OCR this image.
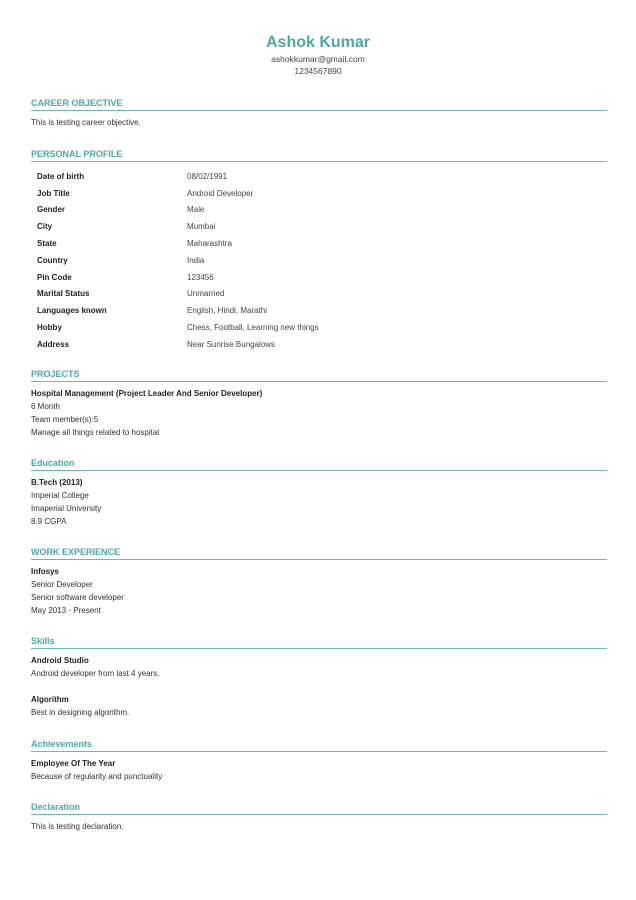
Ashok Kumar
ashokkumar@gmail.com
1234567890
CAREER OBJECTIVE
This is testing career objective.
PERSONAL PROFILE
Date of birth	08/02/1991
Job Title	Android Developer
Gender	Male
City	Mumbai
State	Maharashtra
Country	India
Pin Code	123456
Marital Status	Unmarried
Languages known	English, Hindi, Marathi
Hobby	Chess, Football, Learning new things
Address	Near Sunrise Bungalows
PROJECTS
Hospital Management (Project Leader And Senior Developer)
6 Month
Team member(s):5
Manage all things related to hospital
Education
B.Tech (2013)
Imperial College
Imaperial University
8.9 CGPA
WORK EXPERIENCE
Infosys
Senior Developer
Senior software developer
May 2013 - Present
Skills
Android Studio
Android developer from last 4 years.
Algorithm
Best in designing algorithm.
Achievements
Employee Of The Year
Because of regularity and punctuality
Declaration
This is testing declaration.
